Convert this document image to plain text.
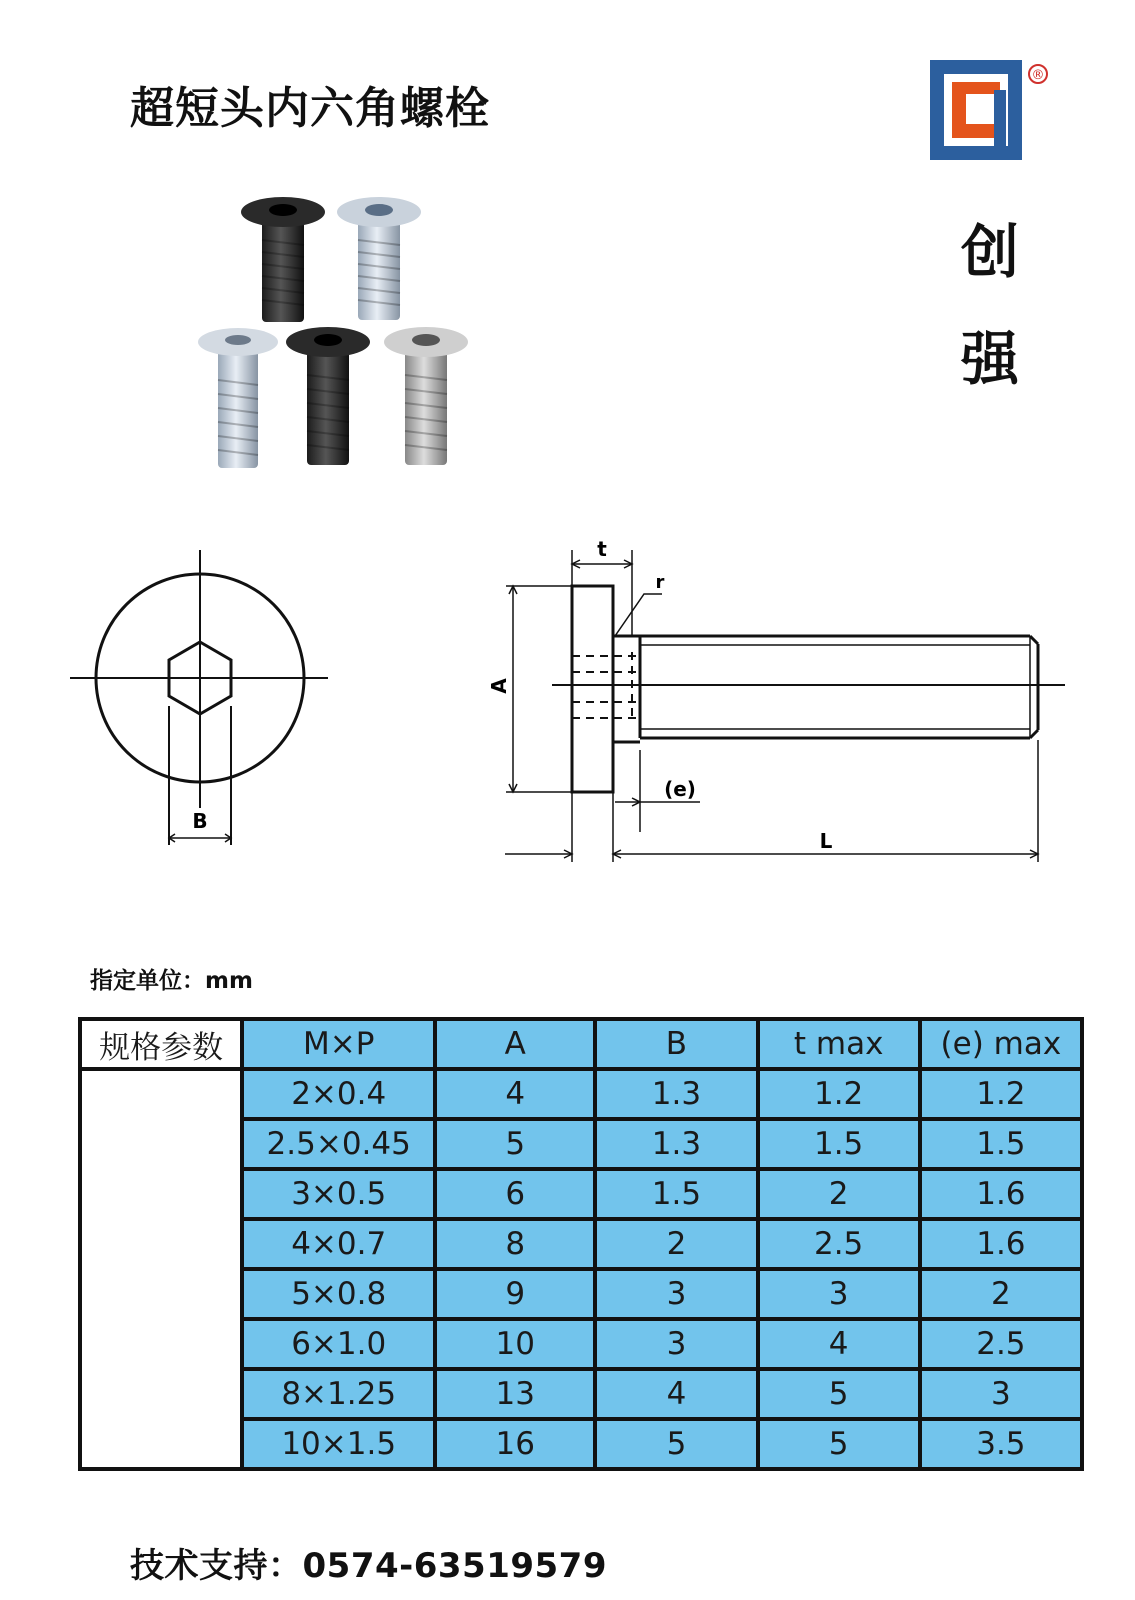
超短头内六角螺栓
®
创
强
B
t
r
A
(e)
L
指定单位：mm
规格参数	M×P	A	B	t max	(e) max
	2×0.4	4	1.3	1.2	1.2
	2.5×0.45	5	1.3	1.5	1.5
	3×0.5	6	1.5	2	1.6
	4×0.7	8	2	2.5	1.6
	5×0.8	9	3	3	2
	6×1.0	10	3	4	2.5
	8×1.25	13	4	5	3
	10×1.5	16	5	5	3.5
技术支持：0574-63519579
